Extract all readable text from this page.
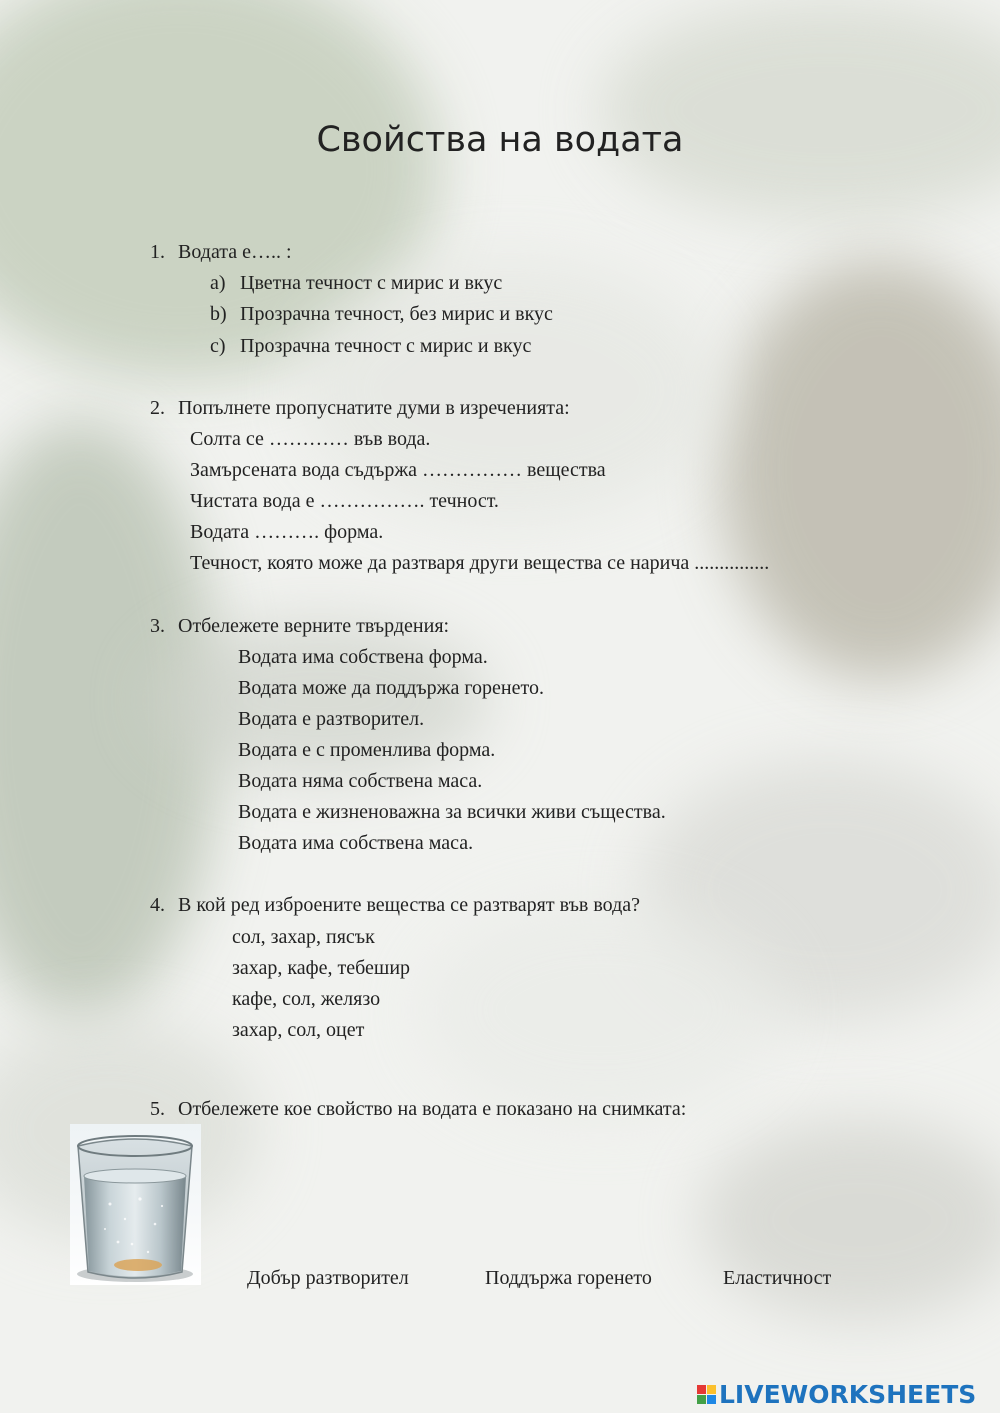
Свойства на водата
1. Водата е….. :
a) Цветна течност с мирис и вкус
b) Прозрачна течност, без мирис и вкус
c) Прозрачна течност с мирис и вкус
2. Попълнете пропуснатите думи в изреченията:
Солта се ………… във вода.
Замърсената вода съдържа …………… вещества
Чистата вода е ……………. течност.
Водата ………. форма.
Течност, която може да разтваря други вещества се нарича ...............
3. Отбележете верните твърдения:
Водата има собствена форма.
Водата може да поддържа горенето.
Водата е разтворител.
Водата е с променлива форма.
Водата няма собствена маса.
Водата е жизненоважна за всички живи същества.
Водата има собствена маса.
4. В кой ред изброените вещества се разтварят във вода?
сол, захар, пясък
захар, кафе, тебешир
кафе, сол, желязо
захар, сол, оцет
5. Отбележете кое свойство на водата е показано на снимката:
Добър разтворител	Поддържа горенето	Еластичност
LIVEWORKSHEETS
